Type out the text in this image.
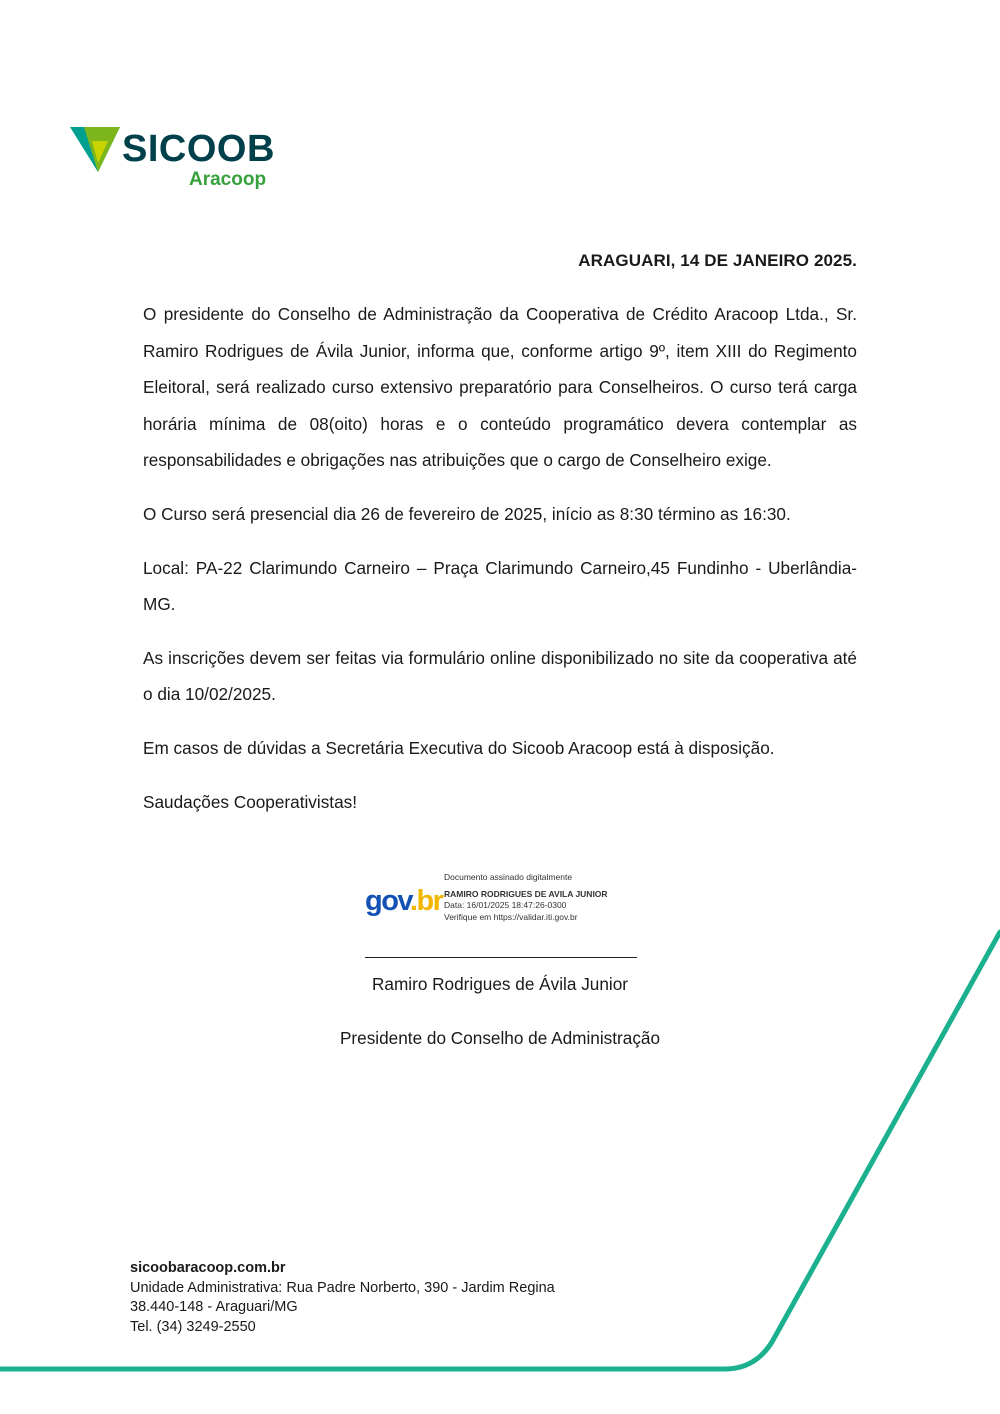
SICOOB
Aracoop
ARAGUARI, 14 DE JANEIRO 2025.

O presidente do Conselho de Administração da Cooperativa de Crédito Aracoop Ltda., Sr. Ramiro Rodrigues de Ávila Junior, informa que, conforme artigo 9º, item XIII do Regimento Eleitoral, será realizado curso extensivo preparatório para Conselheiros. O curso terá carga horária mínima de 08(oito) horas e o conteúdo programático devera contemplar as responsabilidades e obrigações nas atribuições que o cargo de Conselheiro exige.

O Curso será presencial dia 26 de fevereiro de 2025, início as 8:30 término as 16:30.

Local: PA-22 Clarimundo Carneiro – Praça Clarimundo Carneiro,45 Fundinho - Uberlândia-MG.

As inscrições devem ser feitas via formulário online disponibilizado no site da cooperativa até o dia 10/02/2025.

Em casos de dúvidas a Secretária Executiva do Sicoob Aracoop está à disposição.

Saudações Cooperativistas!

gov.br
Documento assinado digitalmente
RAMIRO RODRIGUES DE AVILA JUNIOR
Data: 16/01/2025 18:47:26-0300
Verifique em https://validar.iti.gov.br
Ramiro Rodrigues de Ávila Junior
Presidente do Conselho de Administração
sicoobaracoop.com.br
Unidade Administrativa: Rua Padre Norberto, 390 - Jardim Regina
38.440-148 - Araguari/MG
Tel. (34) 3249-2550
